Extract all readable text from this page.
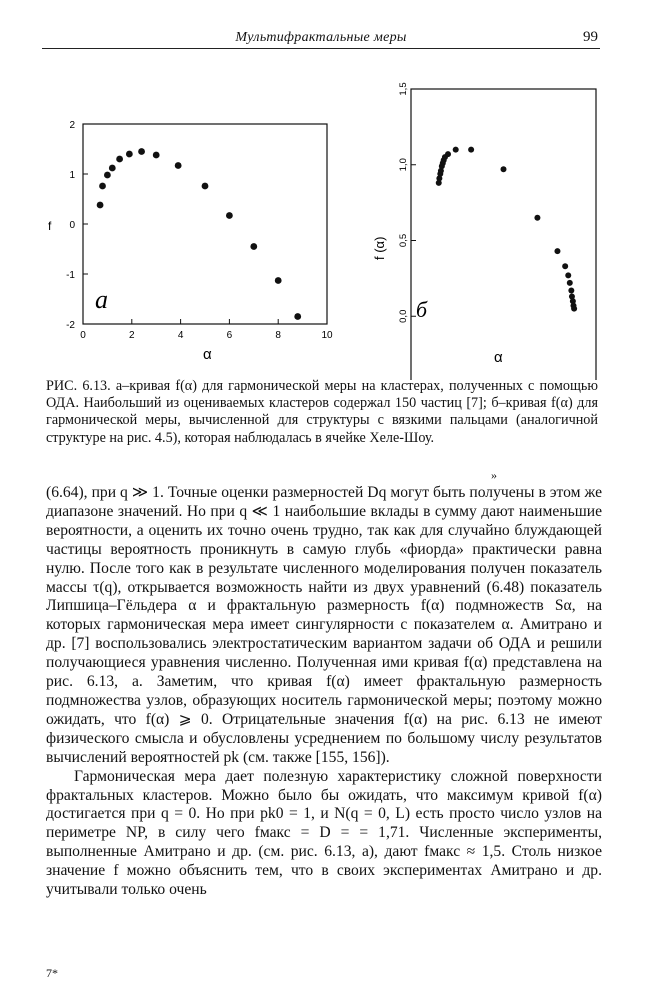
Мультифрактальные меры	99
0	2	4	6	8	10
2
1
0
-1
-2
f
α
a
1,5
1,0
0,5
0,0
f (α)
α
б
РИС. 6.13. а–кривая f(α) для гармонической меры на кластерах, полученных с помощью ОДА. Наибольший из оцениваемых кластеров содержал 150 частиц [7]; б–кривая f(α) для гармонической меры, вычисленной для структуры с вязкими пальцами (аналогичной структуре на рис. 4.5), которая наблюдалась в ячейке Хеле-Шоу.
»

(6.64), при q ≫ 1. Точные оценки размерностей Dq могут быть получены в этом же диапазоне значений. Но при q ≪ 1 наибольшие вклады в сумму дают наименьшие вероятности, а оценить их точно очень трудно, так как для случайно блуждающей частицы вероятность проникнуть в самую глубь «фиорда» практически равна нулю. После того как в результате численного моделирования получен показатель массы τ(q), открывается возможность найти из двух уравнений (6.48) показатель Липшица–Гёльдера α и фрактальную размерность f(α) подмножеств Sα, на которых гармоническая мера имеет сингулярности с показателем α. Амитрано и др. [7] воспользовались электростатическим вариантом задачи об ОДА и решили получающиеся уравнения численно. Полученная ими кривая f(α) представлена на рис. 6.13, а. Заметим, что кривая f(α) имеет фрактальную размерность подмножества узлов, образующих носитель гармонической меры; поэтому можно ожидать, что f(α) ⩾ 0. Отрицательные значения f(α) на рис. 6.13 не имеют физического смысла и обусловлены усреднением по большому числу результатов вычислений вероятностей pk (см. также [155, 156]).

Гармоническая мера дает полезную характеристику сложной поверхности фрактальных кластеров. Можно было бы ожидать, что максимум кривой f(α) достигается при q = 0. Но при pk0 = 1, и N(q = 0, L) есть просто число узлов на периметре NP, в силу чего fмакс = D = = 1,71. Численные эксперименты, выполненные Амитрано и др. (см. рис. 6.13, а), дают fмакс ≈ 1,5. Столь низкое значение f можно объяснить тем, что в своих экспериментах Амитрано и др. учитывали только очень

7*
